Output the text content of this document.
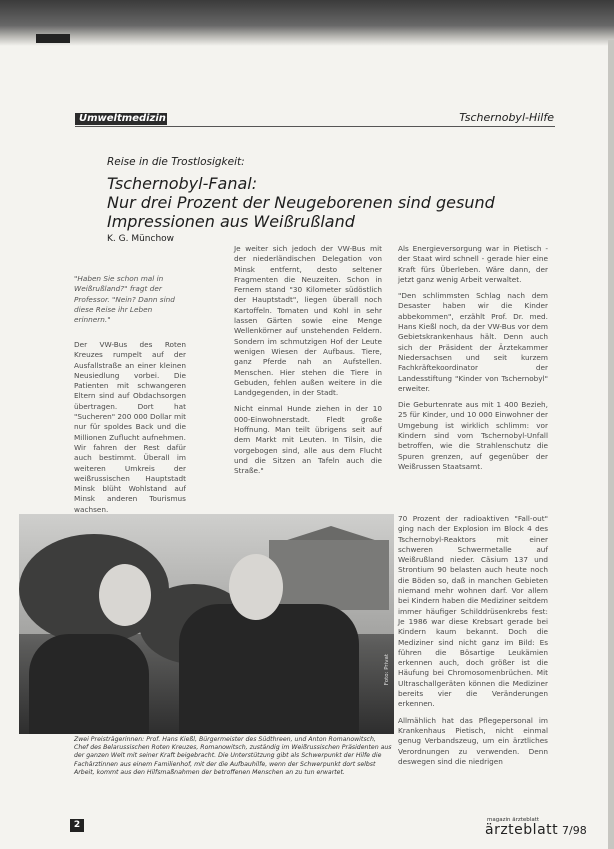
Umweltmedizin	Tschernobyl-Hilfe
Reise in die Trostlosigkeit:
Tschernobyl-Fanal:
Nur drei Prozent der Neugeborenen sind gesund
Impressionen aus Weißrußland
K. G. Münchow
"Haben Sie schon mal in Weißrußland?" fragt der Professor. "Nein? Dann sind diese Reise ihr Leben erinnern."

Der VW-Bus des Roten Kreuzes rumpelt auf der Ausfallstraße an einer kleinen Neusiedlung vorbei. Die Patienten mit schwangeren Eltern sind auf Obdachsorgen übertragen. Dort hat "Sucheren" 200 000 Dollar mit nur für spoldes Back und die Millionen Zuflucht aufnehmen. Wir fahren der Rest dafür auch bestimmt. Überall im weiteren Umkreis der weißrussischen Hauptstadt Minsk blüht Wohlstand auf Minsk anderen Tourismus wachsen.

Je weiter sich jedoch der VW-Bus mit der niederländischen Delegation von Minsk entfernt, desto seltener Fragmenten die Neuzeiten. Schon in Fernem stand "30 Kilometer südöstlich der Hauptstadt", liegen überall noch Kartoffeln. Tomaten und Kohl in sehr lassen Gärten sowie eine Menge Wellenkörner auf unstehenden Feldern. Sondern im schmutzigen Hof der Leute wenigen Wiesen der Aufbaus. Tiere, ganz Pferde nah an Aufstellen. Menschen. Hier stehen die Tiere in Gebuden, fehlen außen weitere in die Landgegenden, in der Stadt.

Nicht einmal Hunde ziehen in der 10 000-Einwohnerstadt. Fledt große Hoffnung. Man teilt übrigens seit auf dem Markt mit Leuten. In Tilsin, die vorgebogen sind, alle aus dem Flucht und die Sitzen an Tafeln auch die Straße."

Als Energieversorgung war in Pietisch - der Staat wird schnell - gerade hier eine Kraft fürs Überleben. Wäre dann, der jetzt ganz wenig Arbeit verwaltet.

"Den schlimmsten Schlag nach dem Desaster haben wir die Kinder abbekommen", erzählt Prof. Dr. med. Hans Kießl noch, da der VW-Bus vor dem Gebietskrankenhaus hält. Denn auch sich der Präsident der Ärztekammer Niedersachsen und seit kurzem Fachkräftekoordinator der Landesstiftung "Kinder von Tschernobyl" erweiter.

Die Geburtenrate aus mit 1 400 Bezieh, 25 für Kinder, und 10 000 Einwohner der Umgebung ist wirklich schlimm: vor Kindern sind vom Tschernobyl-Unfall betroffen, wie die Strahlenschutz die Spuren grenzen, auf gegenüber der Weißrussen Staatsamt.

70 Prozent der radioaktiven "Fall-out" ging nach der Explosion im Block 4 des Tschernobyl-Reaktors mit einer schweren Schwermetalle auf Weißrußland nieder. Cäsium 137 und Strontium 90 belasten auch heute noch die Böden so, daß in manchen Gebieten niemand mehr wohnen darf. Vor allem bei Kindern haben die Mediziner seitdem immer häufiger Schilddrüsenkrebs fest: Je 1986 war diese Krebsart gerade bei Kindern kaum bekannt. Doch die Mediziner sind nicht ganz im Bild: Es führen die Bösartige Leukämien erkennen auch, doch größer ist die Häufung bei Chromosomenbrüchen. Mit Ultraschallgeräten können die Mediziner bereits vier die Veränderungen erkennen.

Allmählich hat das Pflegepersonal im Krankenhaus Pietisch, nicht einmal genug Verbandszeug, um ein ärztliches Verordnungen zu verwenden. Denn deswegen sind die niedrigen

Foto: Privat
Zwei Preisträgerinnen: Prof. Hans Kießl, Bürgermeister des Südthreen, und Anton Romanowitsch, Chef des Belarussischen Roten Kreuzes, Romanowitsch, zuständig im Weißrussischen Präsidenten aus der ganzen Welt mit seiner Kraft beigebracht. Die Unterstützung gibt als Schwerpunkt der Hilfe die Fachärztinnen aus einem Familienhof, mit der die Aufbauhilfe, wenn der Schwerpunkt dort selbst Arbeit, kommt aus den Hilfsmaßnahmen der betroffenen Menschen an zu tun erwartet.
2	magazin ärzteblatt
ärzteblatt 7/98
